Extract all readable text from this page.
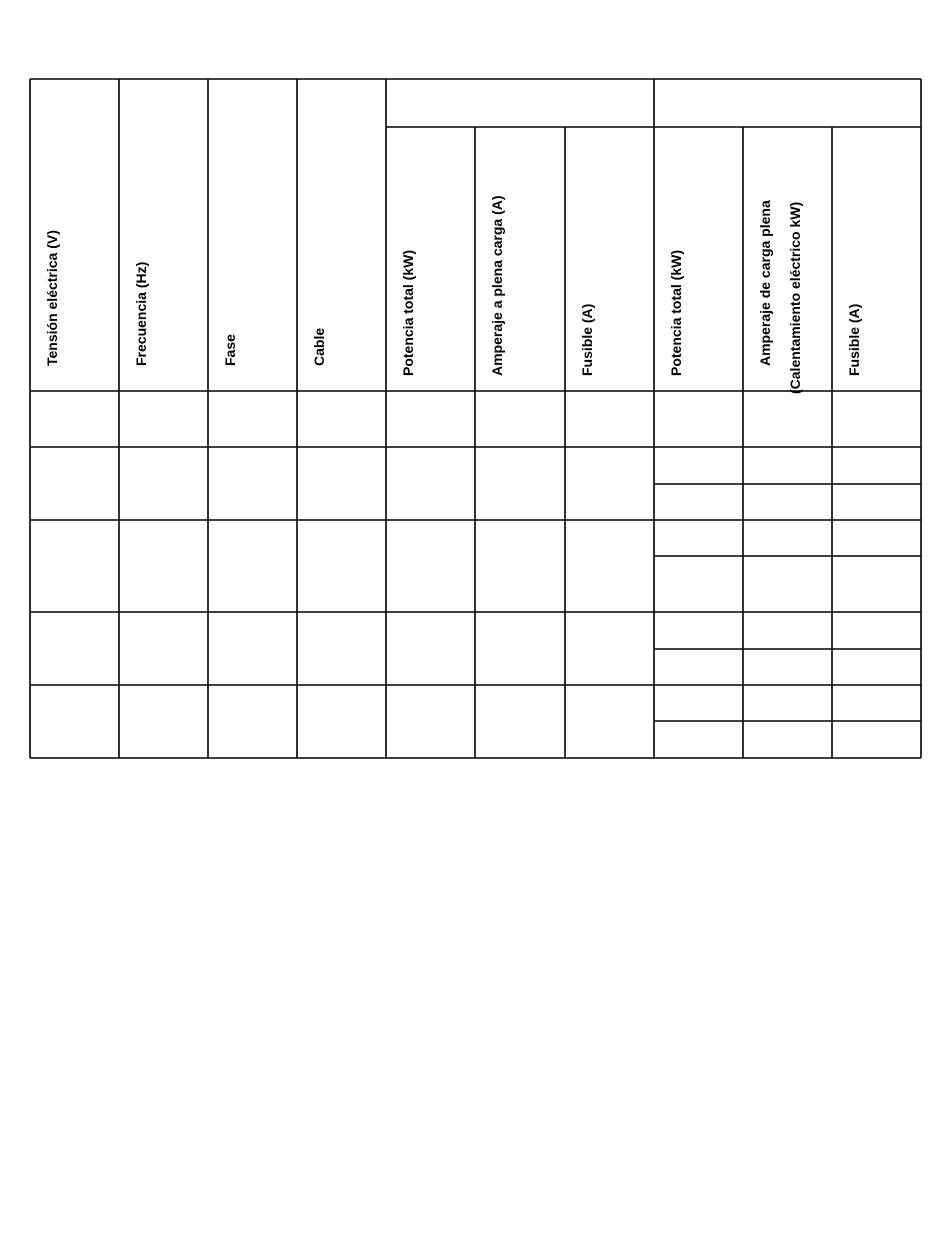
Tensión eléctrica (V)	Frecuencia (Hz)	Fase	Cable	Potencia total (kW)	Amperaje a plena carga (A)	Fusible (A)	Potencia total (kW)	Amperaje de carga plena (Calentamiento eléctrico kW)	Fusible (A)
